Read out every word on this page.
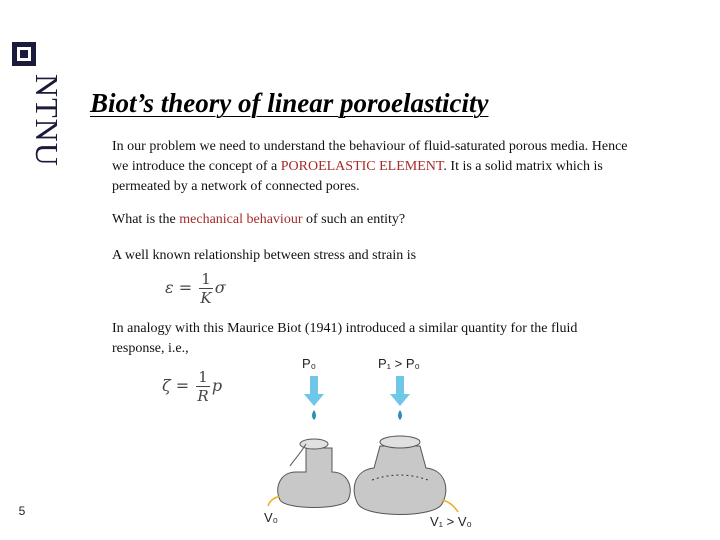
NTNU
5
Biot’s theory of linear poroelasticity
In our problem we need to understand the behaviour of fluid-saturated porous media. Hence we introduce the concept of a POROELASTIC ELEMENT. It is a solid matrix which is permeated by a network of connected pores.
What is the mechanical behaviour of such an entity?
A well known relationship between stress and strain is
$\varepsilon = \frac{1}{K}$ σ
In analogy with this Maurice Biot (1941) introduced a similar quantity for the fluid response, i.e.,
$\zeta = \frac{1}{R}$ p
P₀	P₁ > P₀
V₀	V₁ > V₀
